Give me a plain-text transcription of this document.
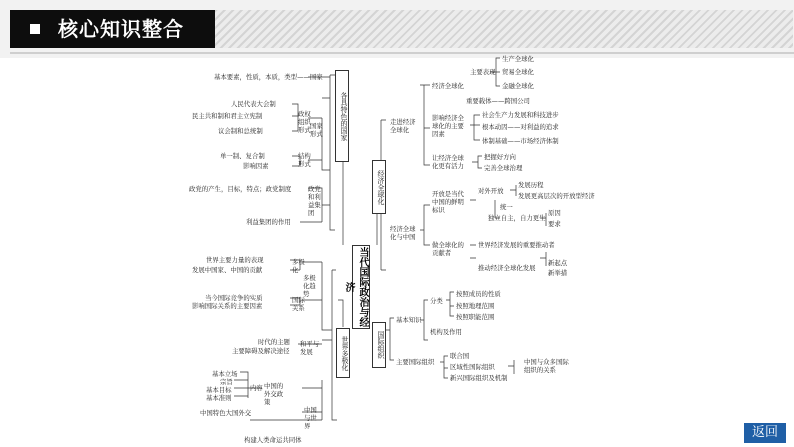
核心知识整合
当代国际政治与经济
各具特色的国家
世界多极化
经济全球化
国际组织
基本要素，性质，本质，类型——国家
人民代表大会制
民主共和制和君主立宪制
议会制和总统制
政权组织形式 国家形式
单一制、复合制
影响因素
结构形式
政党的产生，目标，特点；政党制度	政党和利益集团
利益集团的作用
世界主要力量的表现
发展中国家、中国的贡献
多极化
当今国际竞争的实质
影响国际关系的主要因素
国际关系
多极化趋势
时代的主题
主要障碍及解决途径
和平与发展
基本立场
宗旨
基本目标
基本准则
内容 中国的外交政策
中国特色大国外交	中国与世界
构建人类命运共同体
走进经济全球化
经济全球化
主要表现
生产全球化
贸易全球化
金融全球化
重要载体——跨国公司
影响经济全球化的主要因素
社会生产力发展和科技进步
根本动因——对利益的追求
体制基础——市场经济体制
让经济全球化更有活力
把握好方向
完善全球治理
经济全球化与中国
开放是当代中国的鲜明标识
对外开放
发展历程
发展更高层次的开放型经济
统一
独立自主，自力更生
原因
要求
做全球化的贡献者
世界经济发展的重要推动者
推动经济全球化发展
新起点
新举措
基本知识
分类
按照成员的性质
按照地理范围
按照职能范围
机构及作用
主要国际组织
联合国
区域性国际组织
新兴国际组织及机制
中国与众多国际组织的关系
返回
